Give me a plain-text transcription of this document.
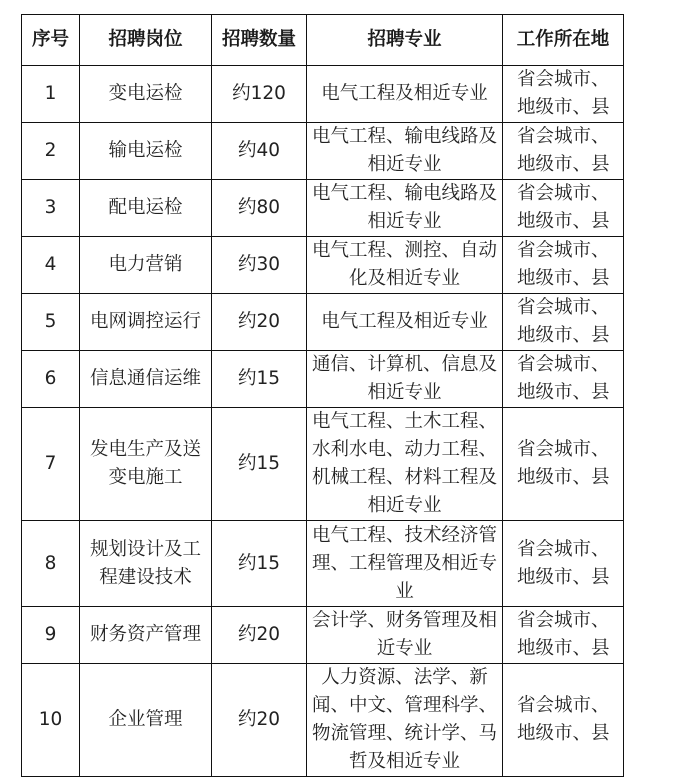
序号	招聘岗位	招聘数量	招聘专业	工作所在地
1	变电运检	约120	电气工程及相近专业	省会城市、地级市、县
2	输电运检	约40	电气工程、输电线路及相近专业	省会城市、地级市、县
3	配电运检	约80	电气工程、输电线路及相近专业	省会城市、地级市、县
4	电力营销	约30	电气工程、测控、自动化及相近专业	省会城市、地级市、县
5	电网调控运行	约20	电气工程及相近专业	省会城市、地级市、县
6	信息通信运维	约15	通信、计算机、信息及相近专业	省会城市、地级市、县
7	发电生产及送变电施工	约15	电气工程、土木工程、水利水电、动力工程、机械工程、材料工程及相近专业	省会城市、地级市、县
8	规划设计及工程建设技术	约15	电气工程、技术经济管理、工程管理及相近专业	省会城市、地级市、县
9	财务资产管理	约20	会计学、财务管理及相近专业	省会城市、地级市、县
10	企业管理	约20	人力资源、法学、新闻、中文、管理科学、物流管理、统计学、马哲及相近专业	省会城市、地级市、县
